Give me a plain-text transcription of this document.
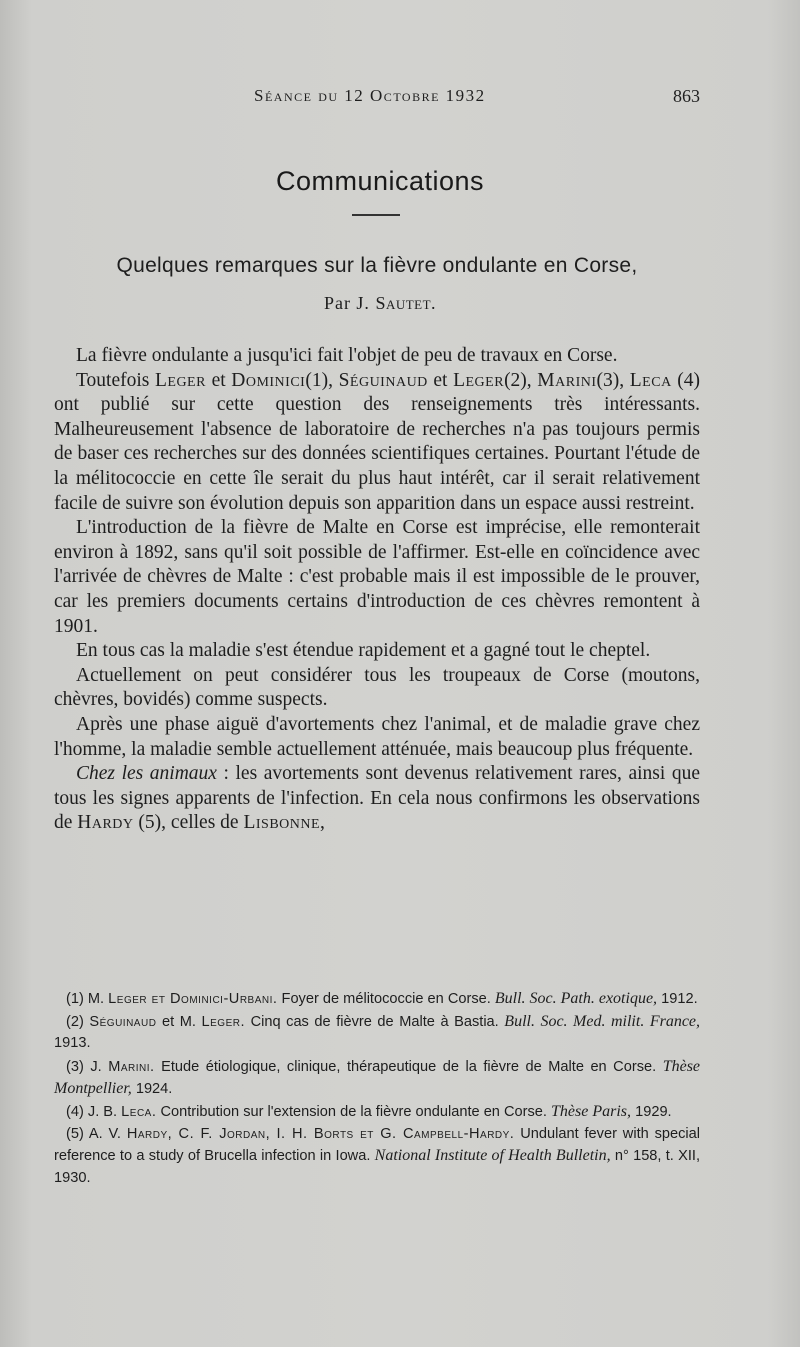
Séance du 12 Octobre 1932	863
Communications
Quelques remarques sur la fièvre ondulante en Corse,
Par J. Sautet.

La fièvre ondulante a jusqu'ici fait l'objet de peu de travaux en Corse.

Toutefois Leger et Dominici(1), Séguinaud et Leger(2), Marini(3), Leca (4) ont publié sur cette question des renseignements très intéressants. Malheureusement l'absence de laboratoire de recherches n'a pas toujours permis de baser ces recherches sur des données scientifiques certaines. Pourtant l'étude de la mélitococcie en cette île serait du plus haut intérêt, car il serait relativement facile de suivre son évolution depuis son apparition dans un espace aussi restreint.

L'introduction de la fièvre de Malte en Corse est imprécise, elle remonterait environ à 1892, sans qu'il soit possible de l'affirmer. Est-elle en coïncidence avec l'arrivée de chèvres de Malte : c'est probable mais il est impossible de le prouver, car les premiers documents certains d'introduction de ces chèvres remontent à 1901.

En tous cas la maladie s'est étendue rapidement et a gagné tout le cheptel.

Actuellement on peut considérer tous les troupeaux de Corse (moutons, chèvres, bovidés) comme suspects.

Après une phase aiguë d'avortements chez l'animal, et de maladie grave chez l'homme, la maladie semble actuellement atténuée, mais beaucoup plus fréquente.

Chez les animaux : les avortements sont devenus relativement rares, ainsi que tous les signes apparents de l'infection. En cela nous confirmons les observations de Hardy (5), celles de Lisbonne,

(1) M. Leger et Dominici-Urbani. Foyer de mélitococcie en Corse. Bull. Soc. Path. exotique, 1912.

(2) Séguinaud et M. Leger. Cinq cas de fièvre de Malte à Bastia. Bull. Soc. Med. milit. France, 1913.

(3) J. Marini. Etude étiologique, clinique, thérapeutique de la fièvre de Malte en Corse. Thèse Montpellier, 1924.

(4) J. B. Leca. Contribution sur l'extension de la fièvre ondulante en Corse. Thèse Paris, 1929.

(5) A. V. Hardy, C. F. Jordan, I. H. Borts et G. Campbell-Hardy. Undulant fever with special reference to a study of Brucella infection in Iowa. National Institute of Health Bulletin, n° 158, t. XII, 1930.
